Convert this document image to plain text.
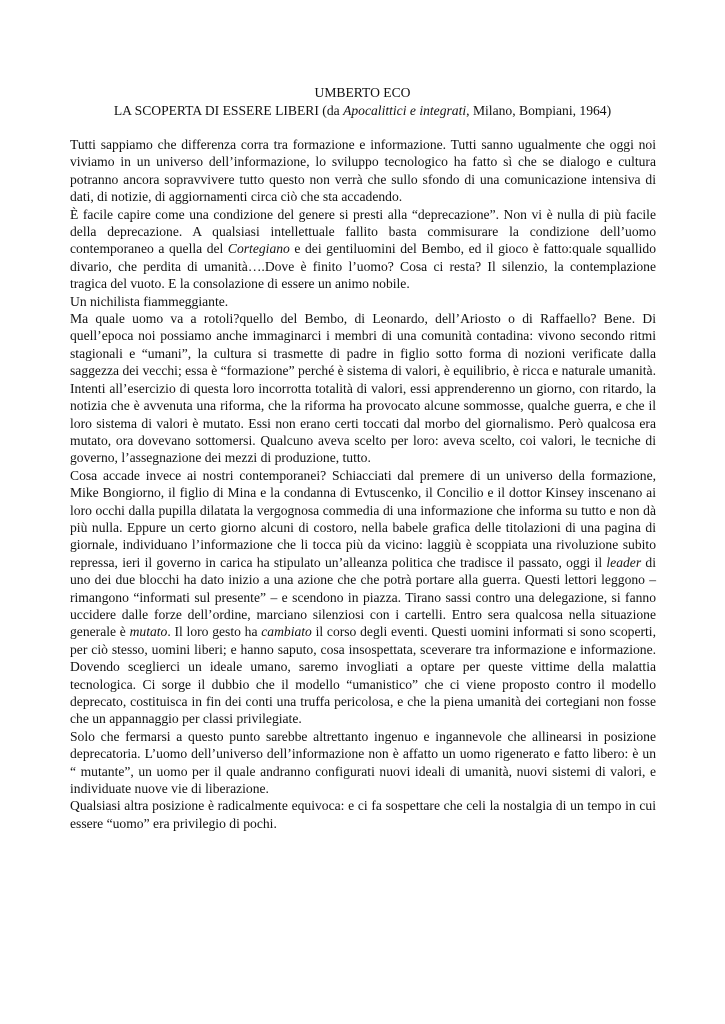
UMBERTO ECO
LA SCOPERTA DI ESSERE LIBERI (da Apocalittici e integrati, Milano, Bompiani, 1964)

Tutti sappiamo che differenza corra tra formazione e informazione. Tutti sanno ugualmente che oggi noi viviamo in un universo dell’informazione, lo sviluppo tecnologico ha fatto sì che se dialogo e cultura potranno ancora sopravvivere tutto questo non verrà che sullo sfondo di una comunicazione intensiva di dati, di notizie, di aggiornamenti circa ciò che sta accadendo.

È facile capire come una condizione del genere si presti alla “deprecazione”. Non vi è nulla di più facile della deprecazione. A qualsiasi intellettuale fallito basta commisurare la condizione dell’uomo contemporaneo a quella del Cortegiano e dei gentiluomini del Bembo, ed il gioco è fatto:quale squallido divario, che perdita di umanità….Dove è finito l’uomo? Cosa ci resta? Il silenzio, la contemplazione tragica del vuoto. E la consolazione di essere un animo nobile.

Un nichilista fiammeggiante.

Ma quale uomo va a rotoli?quello del Bembo, di Leonardo, dell’Ariosto o di Raffaello? Bene. Di quell’epoca noi possiamo anche immaginarci i membri di una comunità contadina: vivono secondo ritmi stagionali e “umani”, la cultura si trasmette di padre in figlio sotto forma di nozioni verificate dalla saggezza dei vecchi; essa è “formazione” perché è sistema di valori, è equilibrio, è ricca e naturale umanità. Intenti all’esercizio di questa loro incorrotta totalità di valori, essi apprenderenno un giorno, con ritardo, la notizia che è avvenuta una riforma, che la riforma ha provocato alcune sommosse, qualche guerra, e che il loro sistema di valori è mutato. Essi non erano certi toccati dal morbo del giornalismo. Però qualcosa era mutato, ora dovevano sottomersi. Qualcuno aveva scelto per loro: aveva scelto, coi valori, le tecniche di governo, l’assegnazione dei mezzi di produzione, tutto.

Cosa accade invece ai nostri contemporanei? Schiacciati dal premere di un universo della formazione, Mike Bongiorno, il figlio di Mina e la condanna di Evtuscenko, il Concilio e il dottor Kinsey inscenano ai loro occhi dalla pupilla dilatata la vergognosa commedia di una informazione che informa su tutto e non dà più nulla. Eppure un certo giorno alcuni di costoro, nella babele grafica delle titolazioni di una pagina di giornale, individuano l’informazione che li tocca più da vicino: laggiù è scoppiata una rivoluzione subito repressa, ieri il governo in carica ha stipulato un’alleanza politica che tradisce il passato, oggi il leader di uno dei due blocchi ha dato inizio a una azione che che potrà portare alla guerra. Questi lettori leggono – rimangono “informati sul presente” – e scendono in piazza. Tirano sassi contro una delegazione, si fanno uccidere dalle forze dell’ordine, marciano silenziosi con i cartelli. Entro sera qualcosa nella situazione generale è mutato. Il loro gesto ha cambiato il corso degli eventi. Questi uomini informati si sono scoperti, per ciò stesso, uomini liberi; e hanno saputo, cosa insospettata, sceverare tra informazione e informazione. Dovendo sceglierci un ideale umano, saremo invogliati a optare per queste vittime della malattia tecnologica. Ci sorge il dubbio che il modello “umanistico” che ci viene proposto contro il modello deprecato, costituisca in fin dei conti una truffa pericolosa, e che la piena umanità dei cortegiani non fosse che un appannaggio per classi privilegiate.

Solo che fermarsi a questo punto sarebbe altrettanto ingenuo e ingannevole che allinearsi in posizione deprecatoria. L’uomo dell’universo dell’informazione non è affatto un uomo rigenerato e fatto libero: è un “ mutante”, un uomo per il quale andranno configurati nuovi ideali di umanità, nuovi sistemi di valori, e individuate nuove vie di liberazione.

Qualsiasi altra posizione è radicalmente equivoca: e ci fa sospettare che celi la nostalgia di un tempo in cui essere “uomo” era privilegio di pochi.
